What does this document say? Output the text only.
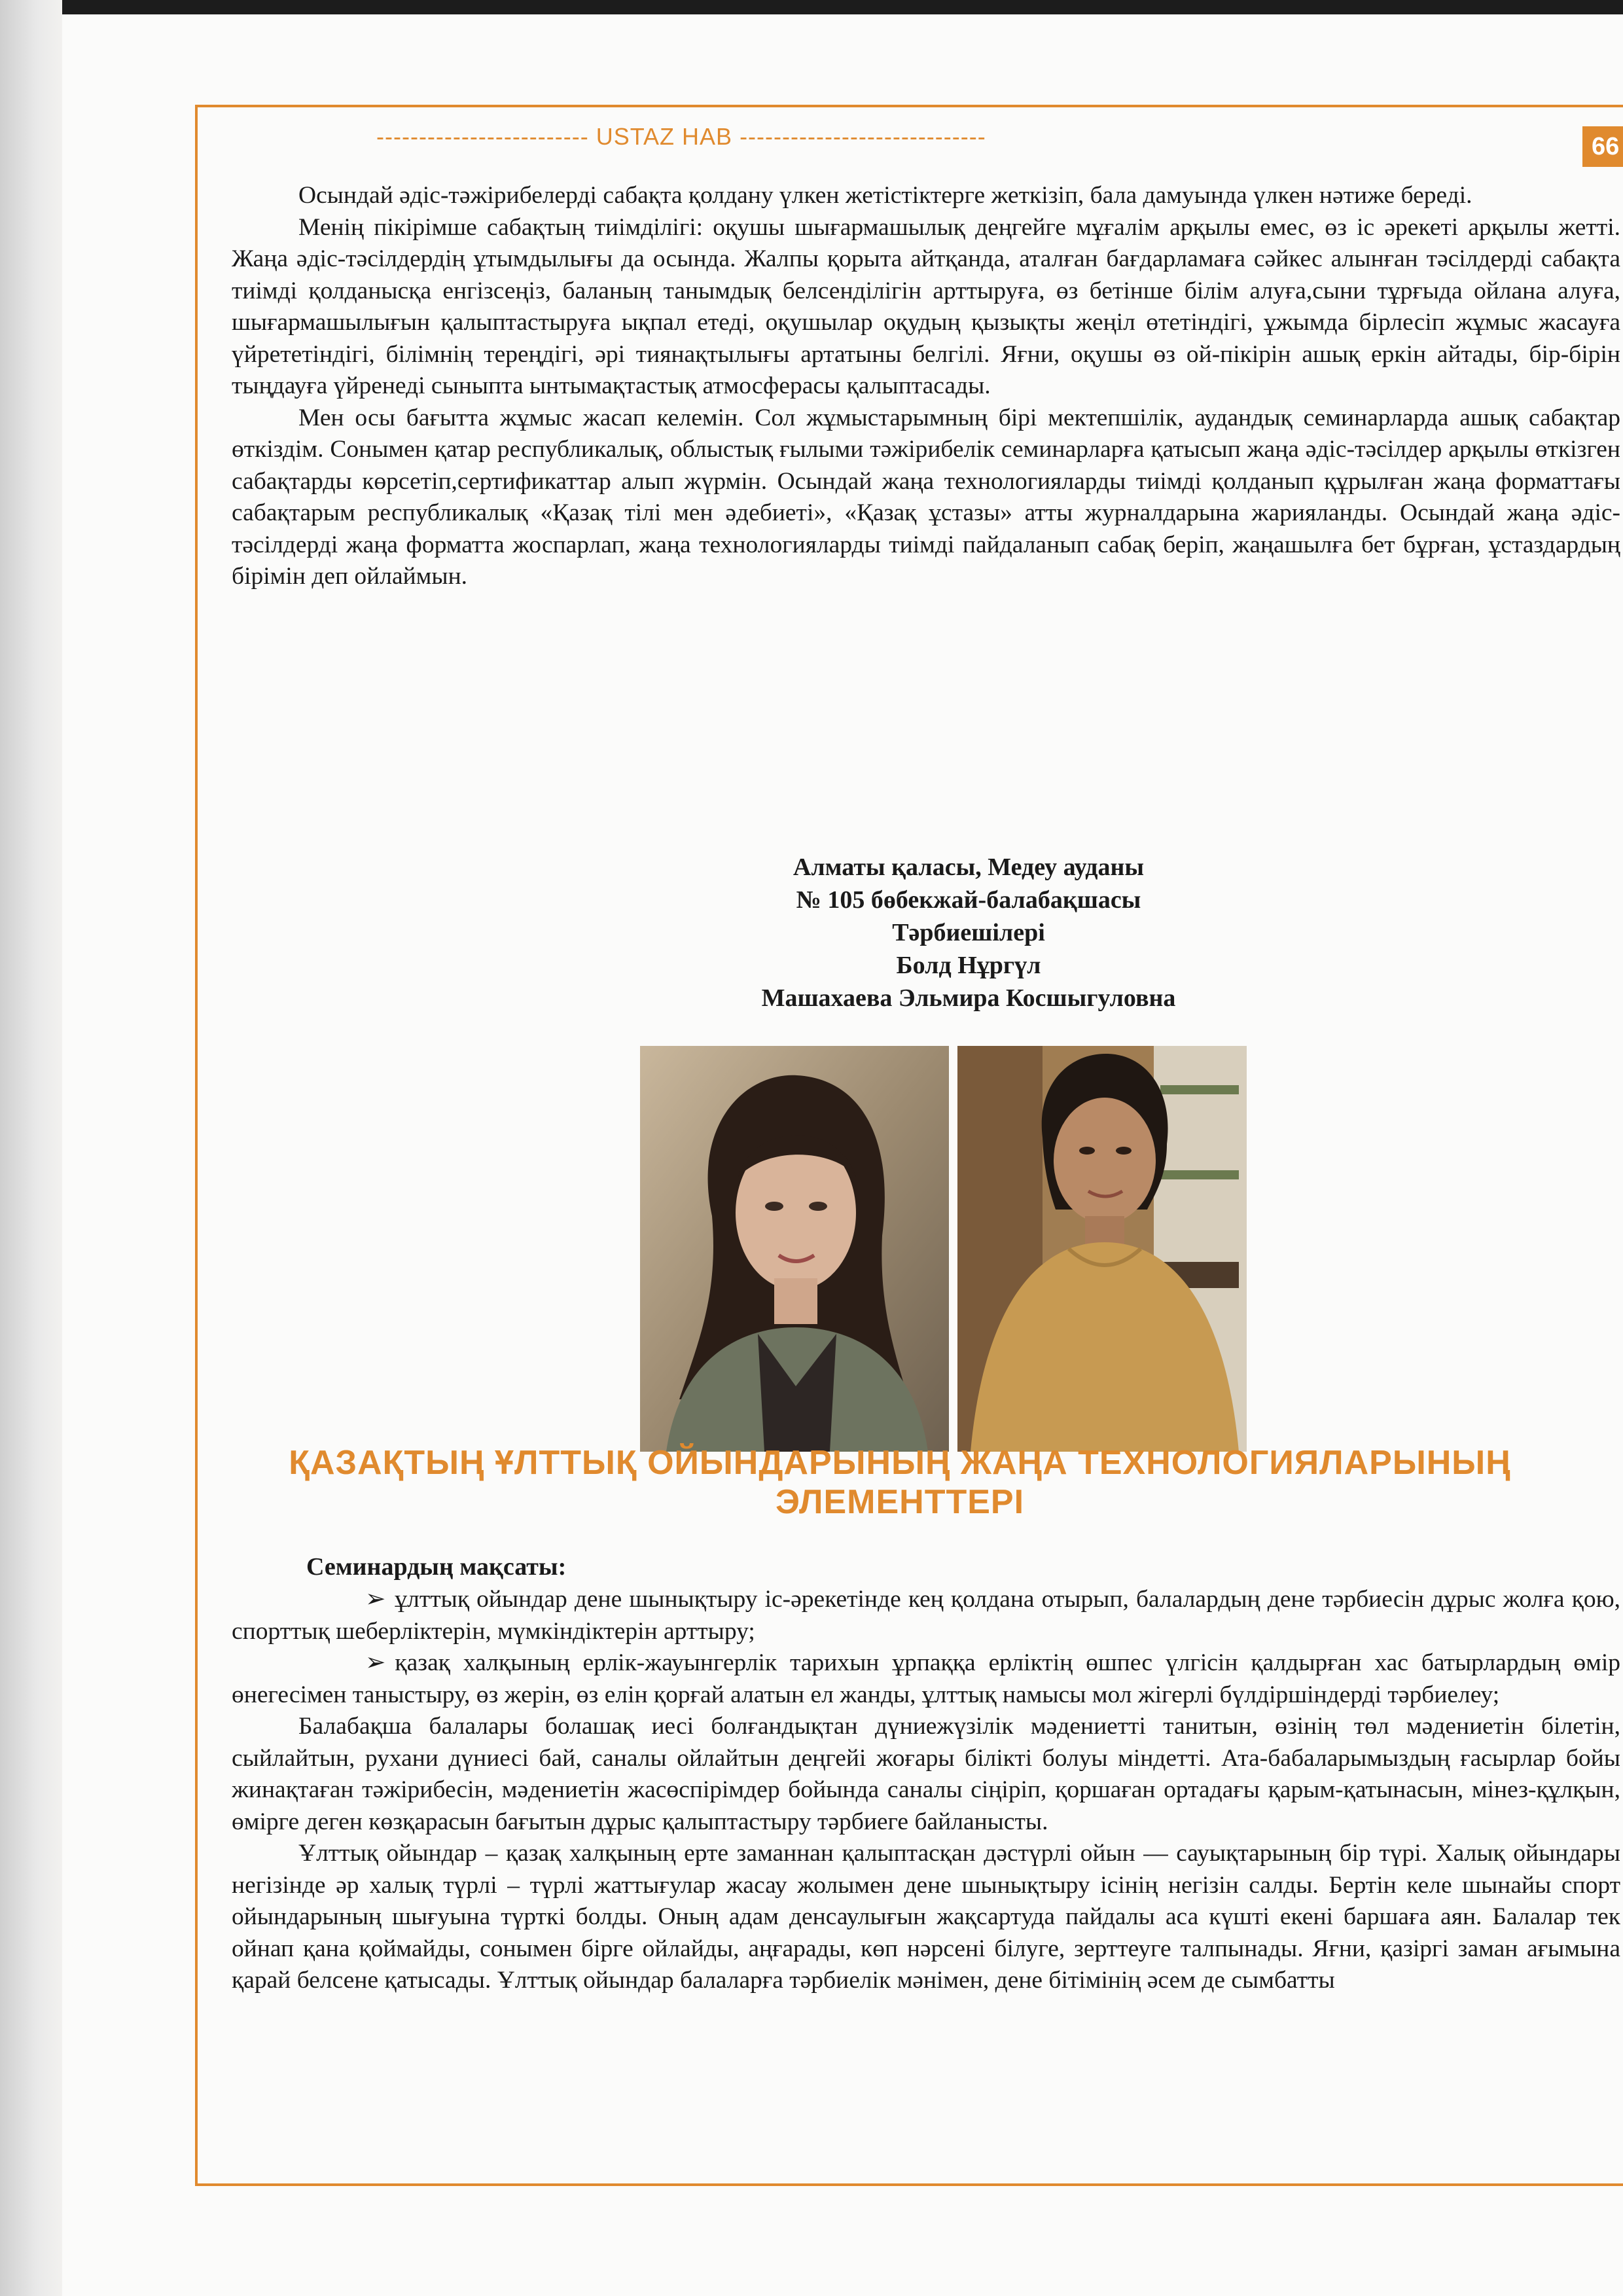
------------------------- USTAZ HAB -----------------------------	66

Осындай әдіс-тәжірибелерді сабақта қолдану үлкен жетістіктерге жеткізіп, бала дамуында үлкен нәтиже береді.

Менің пікірімше сабақтың тиімділігі: оқушы шығармашылық деңгейге мұғалім арқылы емес, өз іс әрекеті арқылы жетті. Жаңа әдіс-тәсілдердің ұтымдылығы да осында. Жалпы қорыта айтқанда, аталған бағдарламаға сәйкес алынған тәсілдерді сабақта тиімді қолданысқа енгізсеңіз, баланың танымдық белсенділігін арттыруға, өз бетінше білім алуға,сыни тұрғыда ойлана алуға, шығармашылығын қалыптастыруға ықпал етеді, оқушылар оқудың қызықты жеңіл өтетіндігі, ұжымда бірлесіп жұмыс жасауға үйрететіндігі, білімнің тереңдігі, әрі тиянақтылығы артатыны белгілі. Яғни, оқушы өз ой-пікірін ашық еркін айтады, бір-бірін тыңдауға үйренеді сыныпта ынтымақтастық атмосферасы қалыптасады.

Мен осы бағытта жұмыс жасап келемін. Сол жұмыстарымның бірі мектепшілік, аудандық семинарларда ашық сабақтар өткіздім. Сонымен қатар республикалық, облыстық ғылыми тәжірибелік семинарларға қатысып жаңа әдіс-тәсілдер арқылы өткізген сабақтарды көрсетіп,сертификаттар алып жүрмін. Осындай жаңа технологияларды тиімді қолданып құрылған жаңа форматтағы сабақтарым республикалық «Қазақ тілі мен әдебиеті», «Қазақ ұстазы» атты журналдарына жарияланды. Осындай жаңа әдіс-тәсілдерді жаңа форматта жоспарлап, жаңа технологияларды тиімді пайдаланып сабақ беріп, жаңашылға бет бұрған, ұстаздардың бірімін деп ойлаймын.

Алматы қаласы, Медеу ауданы
№ 105 бөбекжай-балабақшасы
Тәрбиешілері
Болд Нұргүл
Машахаева Эльмира Косшыгуловна
ҚАЗАҚТЫҢ ҰЛТТЫҚ ОЙЫНДАРЫНЫҢ ЖАҢА ТЕХНОЛОГИЯЛАРЫНЫҢ ЭЛЕМЕНТТЕРІ
Семинардың мақсаты:

➢ ұлттық ойындар дене шынықтыру іс-әрекетінде кең қолдана отырып, балалардың дене тәрбиесін дұрыс жолға қою, спорттық шеберліктерін, мүмкіндіктерін арттыру;

➢ қазақ халқының ерлік-жауынгерлік тарихын ұрпаққа ерліктің өшпес үлгісін қалдырған хас батырлардың өмір өнегесімен таныстыру, өз жерін, өз елін қорғай алатын ел жанды, ұлттық намысы мол жігерлі бүлдіршіндерді тәрбиелеу;

Балабақша балалары болашақ иесі болғандықтан дүниежүзілік мәдениетті танитын, өзінің төл мәдениетін білетін, сыйлайтын, рухани дүниесі бай, саналы ойлайтын деңгейі жоғары білікті болуы міндетті. Ата-бабаларымыздың ғасырлар бойы жинақтаған тәжірибесін, мәдениетін жасөспірімдер бойында саналы сіңіріп, қоршаған ортадағы қарым-қатынасын, мінез-құлқын, өмірге деген көзқарасын бағытын дұрыс қалыптастыру тәрбиеге байланысты.

Ұлттық ойындар – қазақ халқының ерте заманнан қалыптасқан дәстүрлі ойын — сауықтарының бір түрі. Халық ойындары негізінде әр халық түрлі – түрлі жаттығулар жасау жолымен дене шынықтыру ісінің негізін салды. Бертін келе шынайы спорт ойындарының шығуына түрткі болды. Оның адам денсаулығын жақсартуда пайдалы аса күшті екені баршаға аян. Балалар тек ойнап қана қоймайды, сонымен бірге ойлайды, аңғарады, көп нәрсені білуге, зерттеуге талпынады. Яғни, қазіргі заман ағымына қарай белсене қатысады. Ұлттық ойындар балаларға тәрбиелік мәнімен, дене бітімінің әсем де сымбатты
